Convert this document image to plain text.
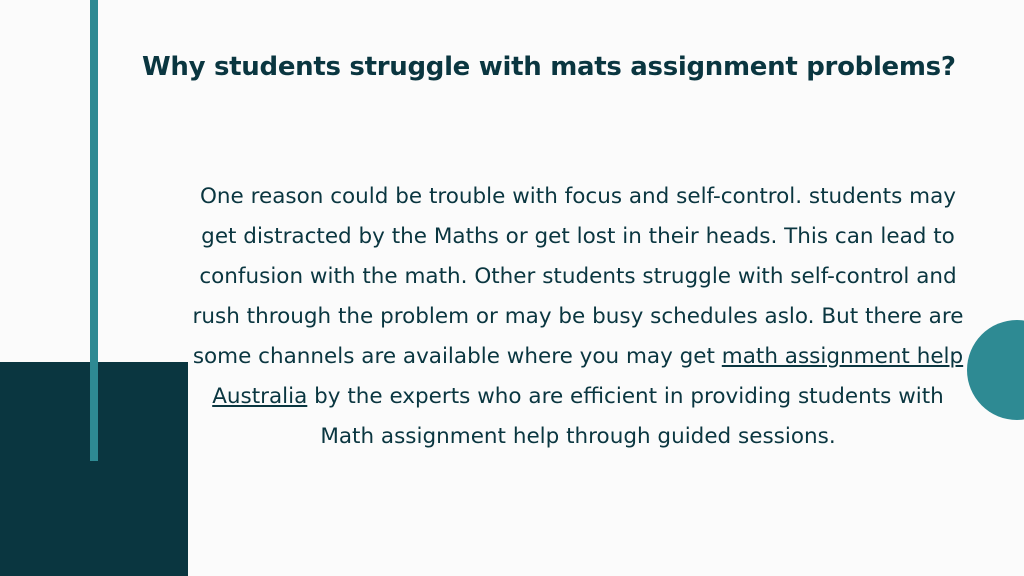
Why students struggle with mats assignment problems?

One reason could be trouble with focus and self-control. students may get distracted by the Maths or get lost in their heads. This can lead to confusion with the math. Other students struggle with self-control and rush through the problem or may be busy schedules aslo. But there are some channels are available where you may get math assignment help Australia by the experts who are efficient in providing students with Math assignment help through guided sessions.
